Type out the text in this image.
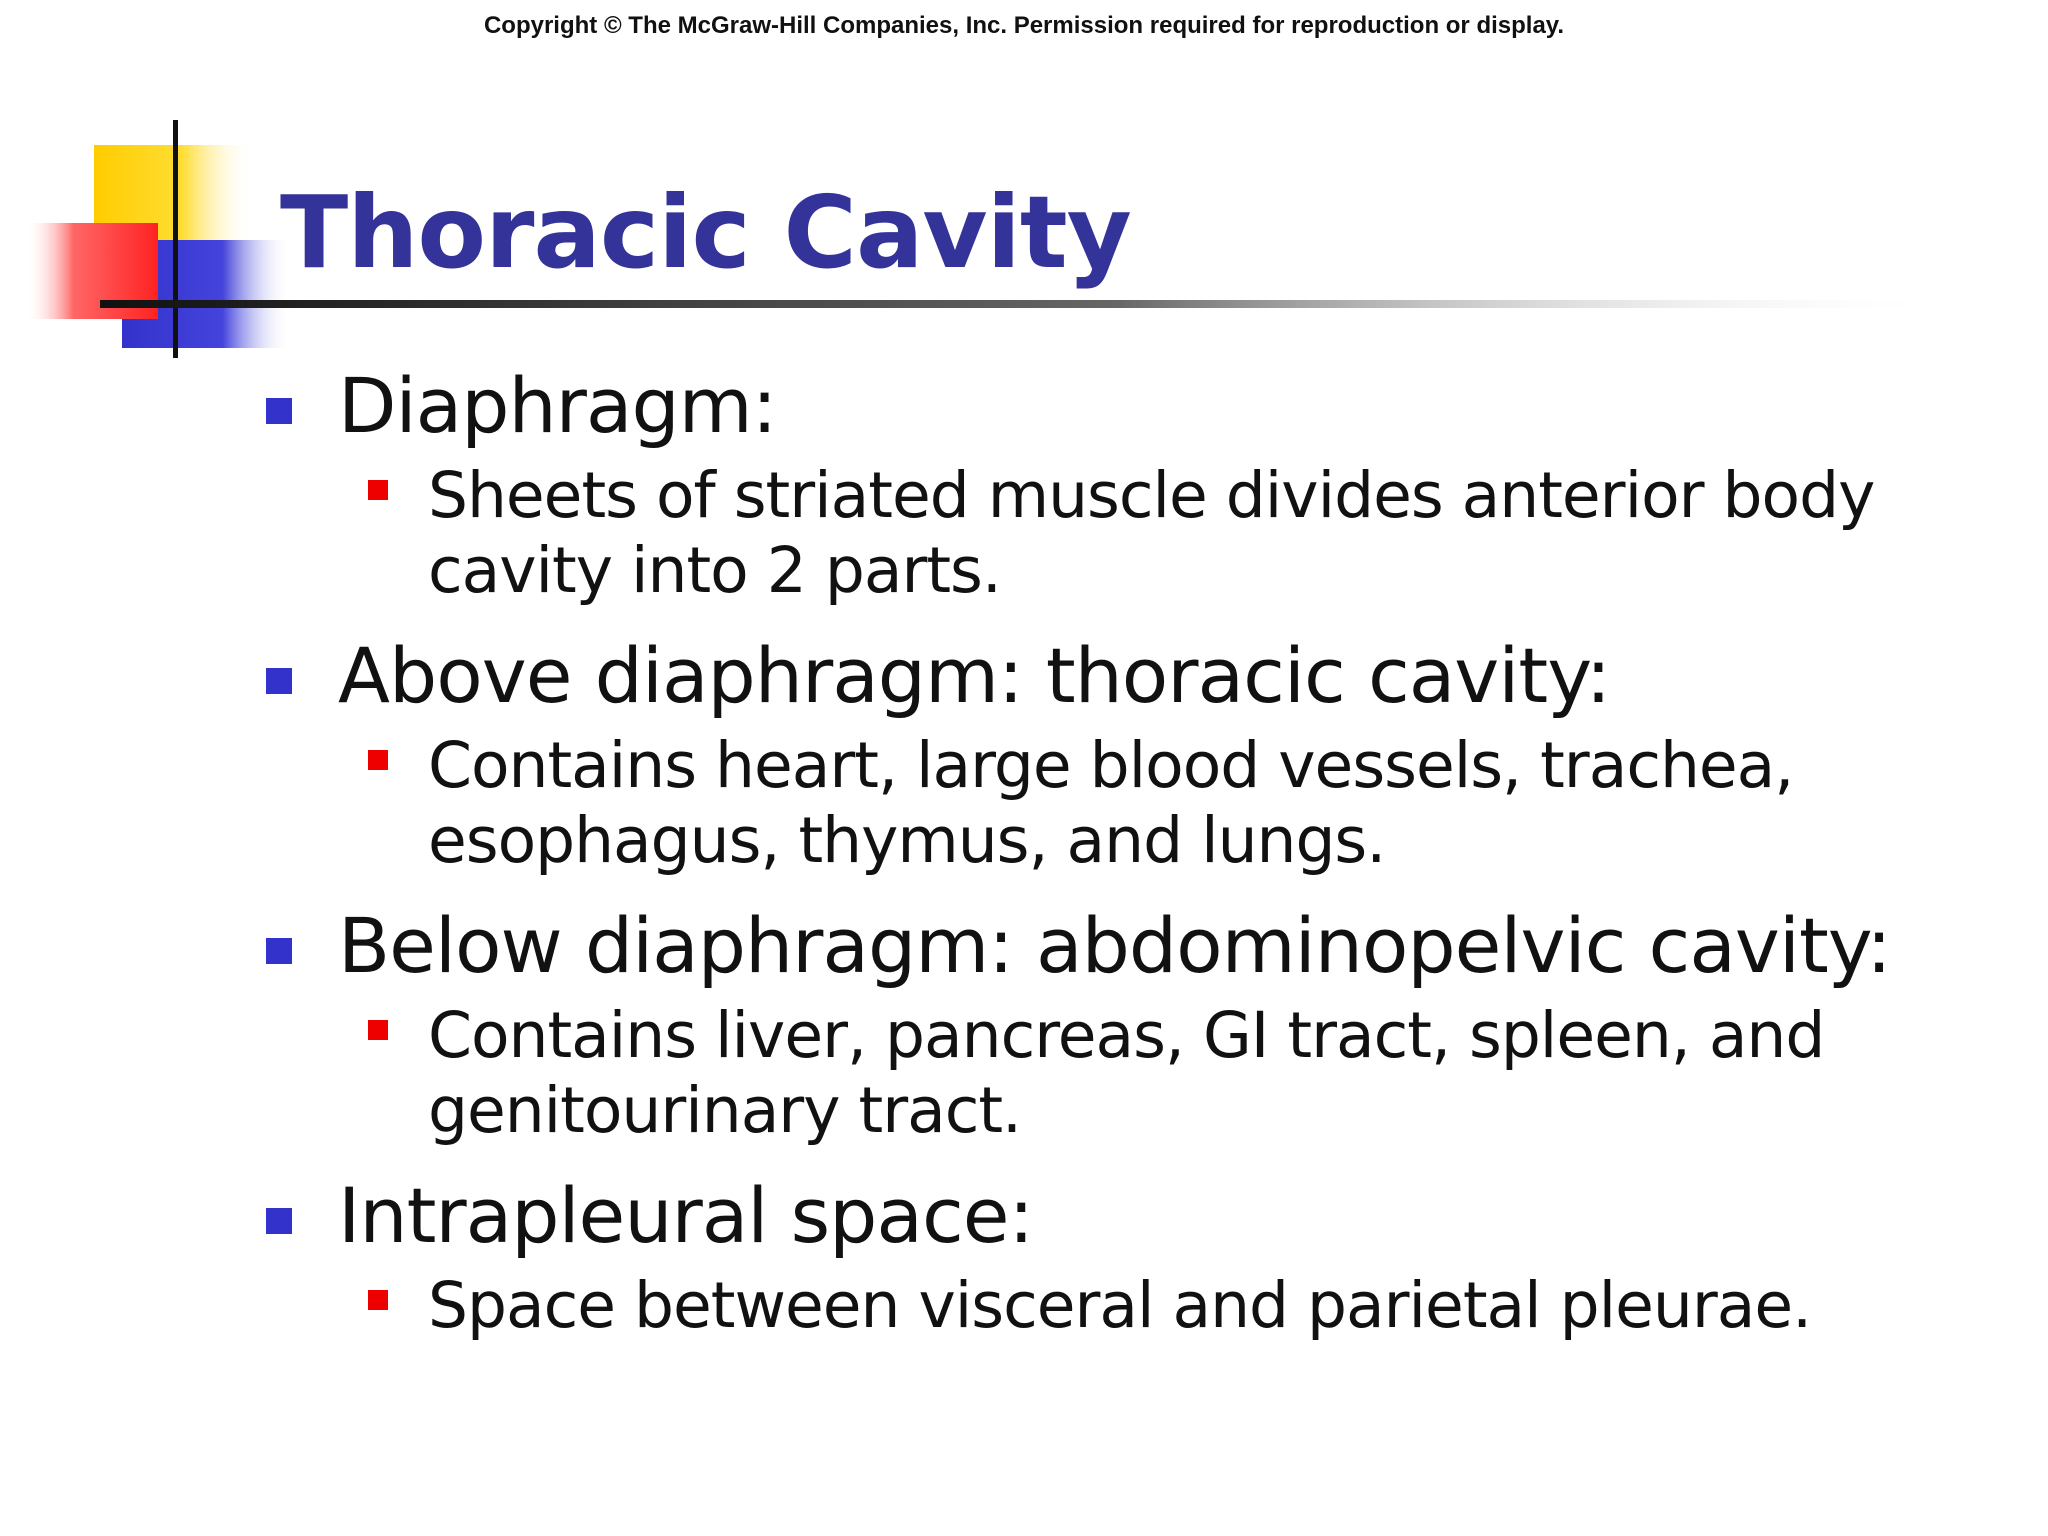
Copyright © The McGraw-Hill Companies, Inc. Permission required for reproduction or display.
Thoracic Cavity
Diaphragm:
Sheets of striated muscle divides anterior body cavity into 2 parts.
Above diaphragm: thoracic cavity:
Contains heart, large blood vessels, trachea, esophagus, thymus, and lungs.
Below diaphragm: abdominopelvic cavity:
Contains liver, pancreas, GI tract, spleen, and genitourinary tract.
Intrapleural space:
Space between visceral and parietal pleurae.
